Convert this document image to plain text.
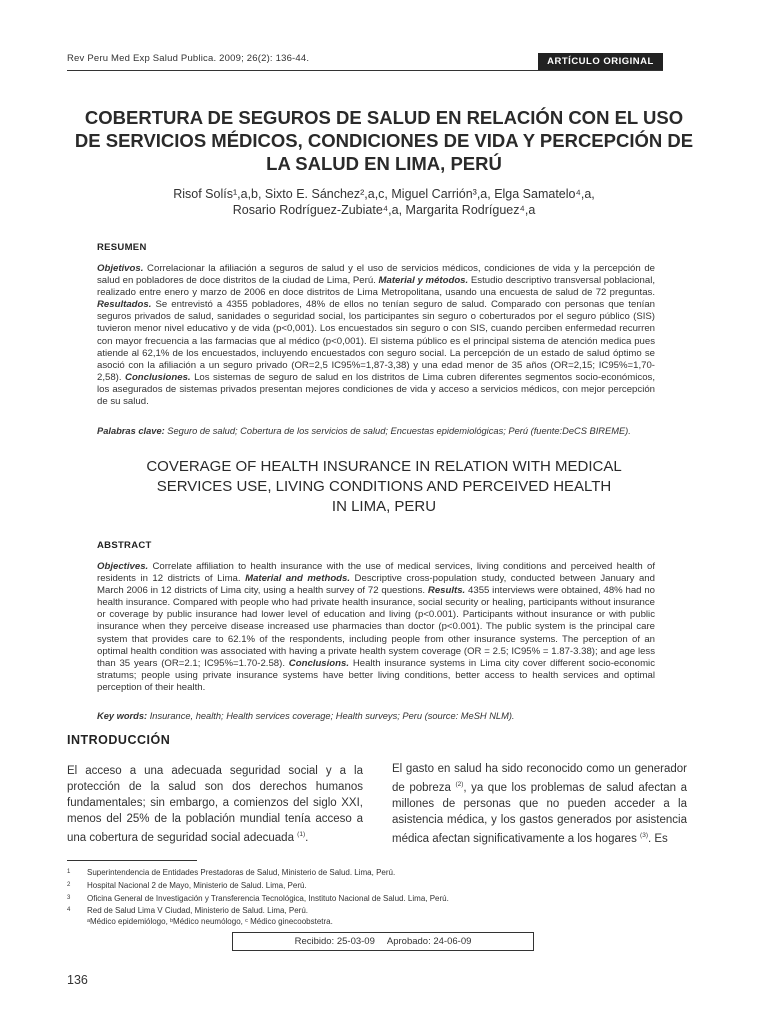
Rev Peru Med Exp Salud Publica. 2009; 26(2): 136-44.	ARTÍCULO ORIGINAL
COBERTURA DE SEGUROS DE SALUD EN RELACIÓN CON EL USO
DE SERVICIOS MÉDICOS, CONDICIONES DE VIDA Y PERCEPCIÓN DE
LA SALUD EN LIMA, PERÚ
Risof Solís¹,a,b, Sixto E. Sánchez²,a,c, Miguel Carrión³,a, Elga Samatelo⁴,a,
Rosario Rodríguez-Zubiate⁴,a, Margarita Rodríguez⁴,a
RESUMEN
Objetivos. Correlacionar la afiliación a seguros de salud y el uso de servicios médicos, condiciones de vida y la percepción de salud en pobladores de doce distritos de la ciudad de Lima, Perú. Material y métodos. Estudio descriptivo transversal poblacional, realizado entre enero y marzo de 2006 en doce distritos de Lima Metropolitana, usando una encuesta de salud de 72 preguntas. Resultados. Se entrevistó a 4355 pobladores, 48% de ellos no tenían seguro de salud. Comparado con personas que tenían seguros privados de salud, sanidades o seguridad social, los participantes sin seguro o coberturados por el seguro público (SIS) tuvieron menor nivel educativo y de vida (p<0,001). Los encuestados sin seguro o con SIS, cuando perciben enfermedad recurren con mayor frecuencia a las farmacias que al médico (p<0,001). El sistema público es el principal sistema de atención medica pues atiende al 62,1% de los encuestados, incluyendo encuestados con seguro social. La percepción de un estado de salud óptimo se asoció con la afiliación a un seguro privado (OR=2,5 IC95%=1,87-3,38) y una edad menor de 35 años (OR=2,15; IC95%=1,70-2,58). Conclusiones. Los sistemas de seguro de salud en los distritos de Lima cubren diferentes segmentos socio-económicos, los asegurados de sistemas privados presentan mejores condiciones de vida y acceso a servicios médicos, con mejor percepción de su salud.
Palabras clave: Seguro de salud; Cobertura de los servicios de salud; Encuestas epidemiológicas; Perú (fuente:DeCS BIREME).
COVERAGE OF HEALTH INSURANCE IN RELATION WITH MEDICAL
SERVICES USE, LIVING CONDITIONS AND PERCEIVED HEALTH
IN LIMA, PERU
ABSTRACT
Objectives. Correlate affiliation to health insurance with the use of medical services, living conditions and perceived health of residents in 12 districts of Lima. Material and methods. Descriptive cross-population study, conducted between January and March 2006 in 12 districts of Lima city, using a health survey of 72 questions. Results. 4355 interviews were obtained, 48% had no health insurance. Compared with people who had private health insurance, social security or healing, participants without insurance or coverage by public insurance had lower level of education and living (p<0.001). Participants without insurance or with public insurance when they perceive disease increased use pharmacies than doctor (p<0.001). The public system is the principal care system that provides care to 62.1% of the respondents, including people from other insurance systems. The perception of an optimal health condition was associated with having a private health system coverage (OR = 2.5; IC95% = 1.87-3.38); and age less than 35 years (OR=2.1; IC95%=1.70-2.58). Conclusions. Health insurance systems in Lima city cover different socio-economic stratums; people using private insurance systems have better living conditions, better access to health services and optimal perception of their health.
Key words: Insurance, health; Health services coverage; Health surveys; Peru (source: MeSH NLM).
INTRODUCCIÓN
El acceso a una adecuada seguridad social y a la protección de la salud son dos derechos humanos fundamentales; sin embargo, a comienzos del siglo XXI, menos del 25% de la población mundial tenía acceso a una cobertura de seguridad social adecuada $^{(1)}$.
El gasto en salud ha sido reconocido como un generador de pobreza $^{(2)}$, ya que los problemas de salud afectan a millones de personas que no pueden acceder a la asistencia médica, y los gastos generados por asistencia médica afectan significativamente a los hogares $^{(3)}$. Es
1 Superintendencia de Entidades Prestadoras de Salud, Ministerio de Salud. Lima, Perú.
2 Hospital Nacional 2 de Mayo, Ministerio de Salud. Lima, Perú.
3 Oficina General de Investigación y Transferencia Tecnológica, Instituto Nacional de Salud. Lima, Perú.
4 Red de Salud Lima V Ciudad, Ministerio de Salud. Lima, Perú.
ᵃMédico epidemiólogo, ᵇMédico neumólogo, ᶜ Médico ginecoobstetra.
Recibido: 25-03-09 Aprobado: 24-06-09
136
